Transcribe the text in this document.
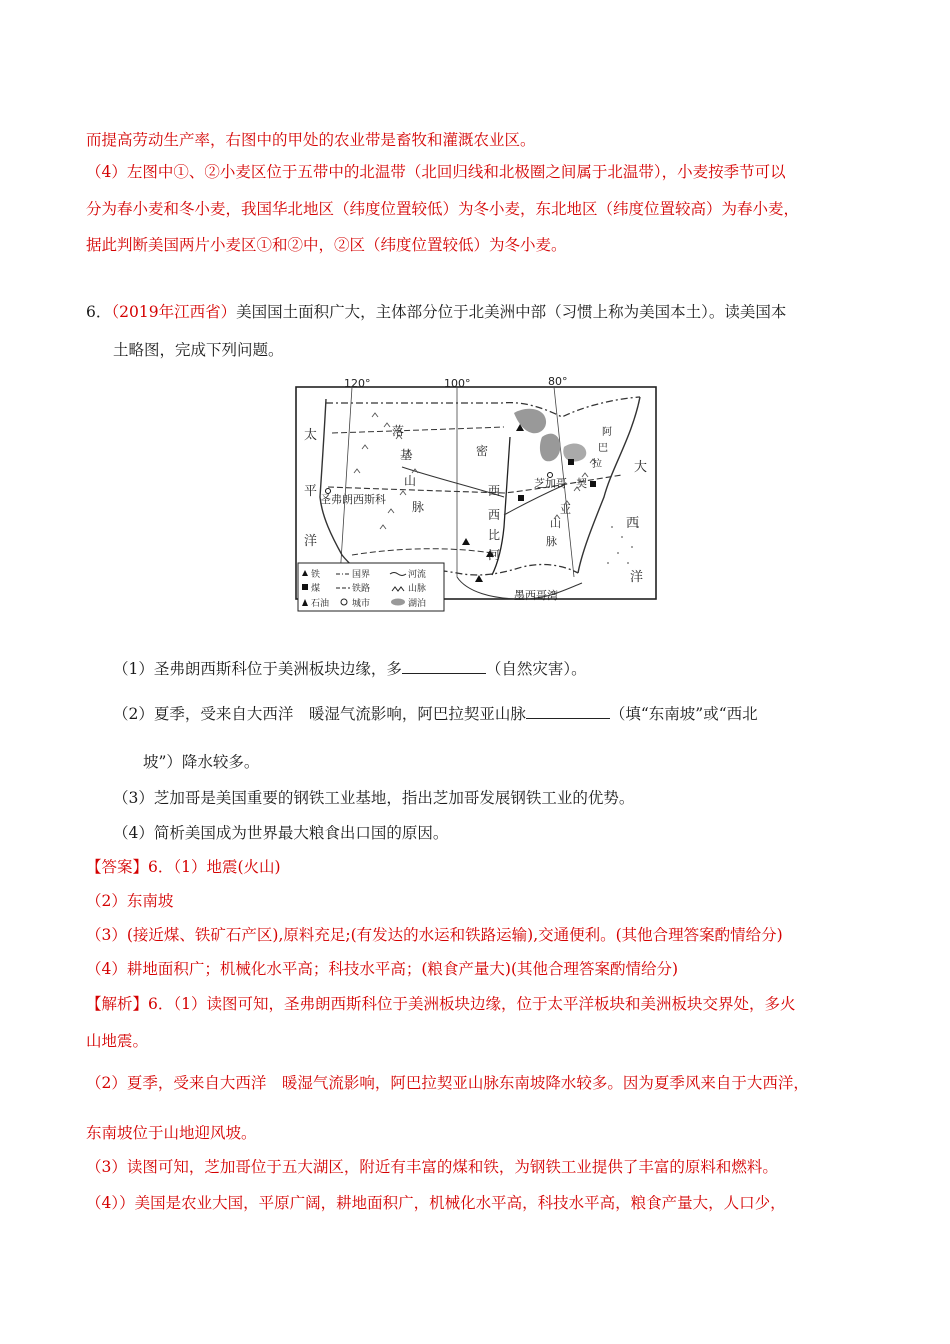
而提高劳动生产率，右图中的甲处的农业带是畜牧和灌溉农业区。
（4）左图中①、②小麦区位于五带中的北温带（北回归线和北极圈之间属于北温带），小麦按季节可以
分为春小麦和冬小麦，我国华北地区（纬度位置较低）为冬小麦，东北地区（纬度位置较高）为春小麦，
据此判断美国两片小麦区①和②中，②区（纬度位置较低）为冬小麦。
6．（2019年江西省）美国国土面积广大，主体部分位于北美洲中部（习惯上称为美国本土）。读美国本
土略图，完成下列问题。
120°	100°	80°
太
平
洋
大
西
洋
落
基
山
脉
密
西
西
比
河
阿
巴
拉
契
亚
山
脉
圣弗朗西斯科
芝加哥
墨西哥湾
铁	国界	河流
煤	铁路	山脉
石油	城市	湖泊
（1）圣弗朗西斯科位于美洲板块边缘，多	（自然灾害）。
（2）夏季，受来自大西洋　暖湿气流影响，阿巴拉契亚山脉	（填“东南坡”或“西北
坡”）降水较多。
（3）芝加哥是美国重要的钢铁工业基地，指出芝加哥发展钢铁工业的优势。
（4）简析美国成为世界最大粮食出口国的原因。
【答案】6．（1）地震(火山)
（2）东南坡
（3）(接近煤、铁矿石产区),原料充足;(有发达的水运和铁路运输),交通便利。(其他合理答案酌情给分)
（4）耕地面积广；机械化水平高；科技水平高；(粮食产量大)(其他合理答案酌情给分)
【解析】6．（1）读图可知，圣弗朗西斯科位于美洲板块边缘，位于太平洋板块和美洲板块交界处，多火
山地震。
（2）夏季，受来自大西洋　暖湿气流影响，阿巴拉契亚山脉东南坡降水较多。因为夏季风来自于大西洋，
东南坡位于山地迎风坡。
（3）读图可知，芝加哥位于五大湖区，附近有丰富的煤和铁，为钢铁工业提供了丰富的原料和燃料。
（4））美国是农业大国，平原广阔，耕地面积广，机械化水平高，科技水平高，粮食产量大，人口少，
